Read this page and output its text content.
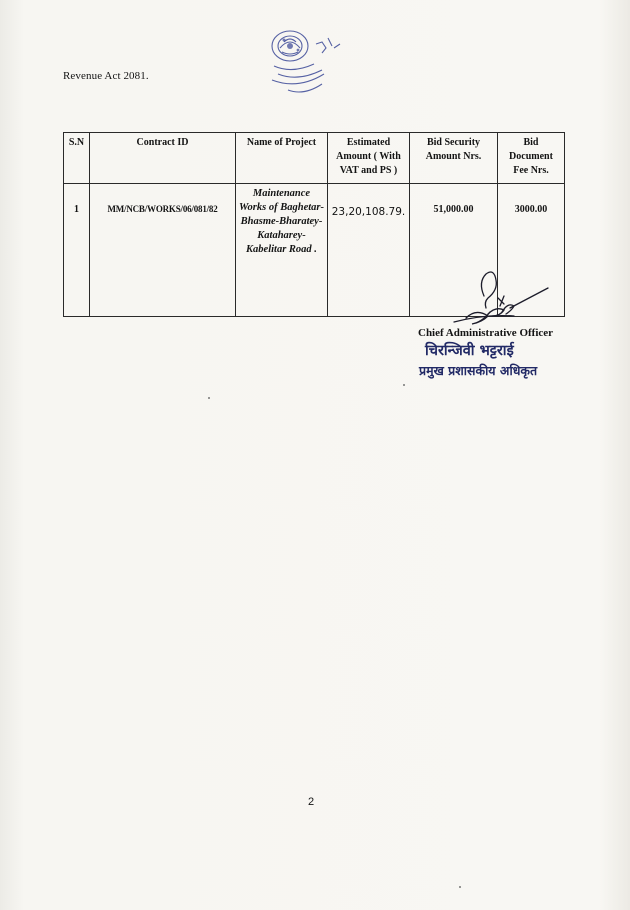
Revenue Act 2081.
S.N	Contract ID	Name of Project	Estimated Amount ( With VAT and PS )	Bid Security Amount Nrs.	Bid Document Fee Nrs.
1	MM/NCB/WORKS/06/081/82	Maintenance Works of Baghetar-Bhasme-Bharatey-Kataharey-Kabelitar Road .	23,20,108.79.	51,000.00	3000.00
Chief Administrative Officer
चिरन्जिवी भट्टराई
प्रमुख प्रशासकीय अधिकृत
2
